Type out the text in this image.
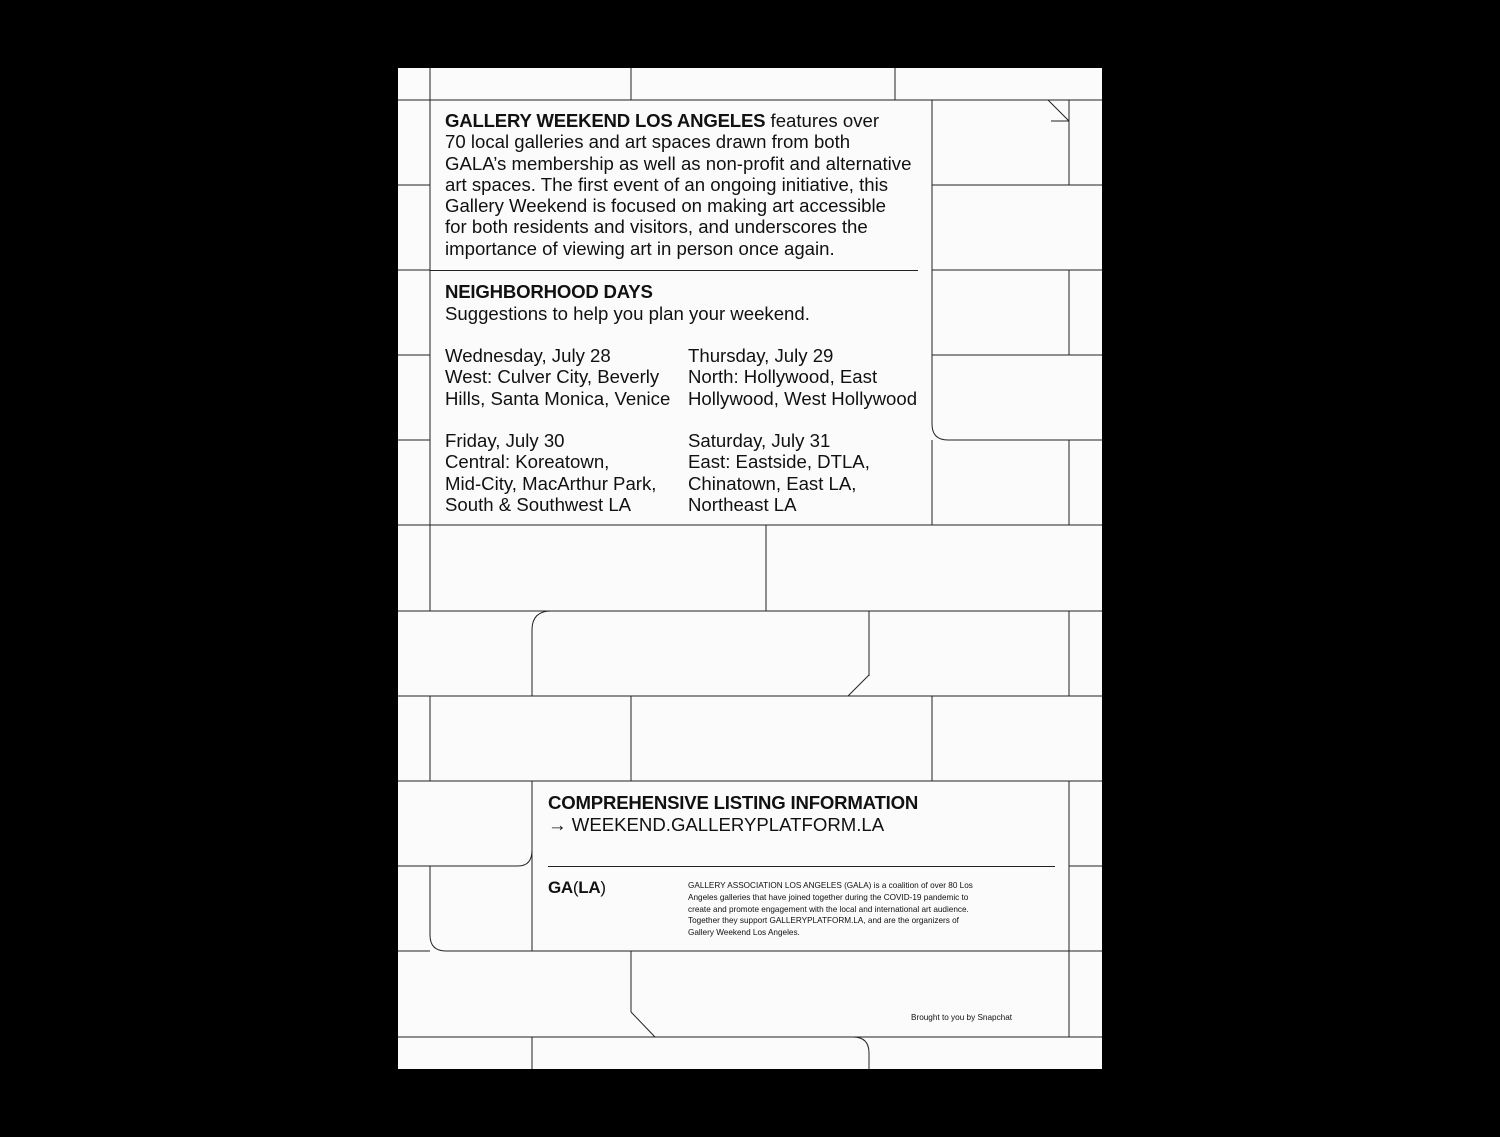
GALLERY WEEKEND LOS ANGELES features over
70 local galleries and art spaces drawn from both
GALA’s membership as well as non-profit and alternative
art spaces. The first event of an ongoing initiative, this
Gallery Weekend is focused on making art accessible
for both residents and visitors, and underscores the
importance of viewing art in person once again.

NEIGHBORHOOD DAYS
Suggestions to help you plan your weekend.
Wednesday, July 28
West: Culver City, Beverly
Hills, Santa Monica, Venice
Thursday, July 29
North: Hollywood, East
Hollywood, West Hollywood
Friday, July 30
Central: Koreatown,
Mid-City, MacArthur Park,
South & Southwest LA
Saturday, July 31
East: Eastside, DTLA,
Chinatown, East LA,
Northeast LA
COMPREHENSIVE LISTING INFORMATION
→ WEEKEND.GALLERYPLATFORM.LA
GA(LA)	GALLERY ASSOCIATION LOS ANGELES (GALA) is a coalition of over 80 Los
Angeles galleries that have joined together during the COVID-19 pandemic to
create and promote engagement with the local and international art audience.
Together they support GALLERYPLATFORM.LA, and are the organizers of
Gallery Weekend Los Angeles.
Brought to you by Snapchat
